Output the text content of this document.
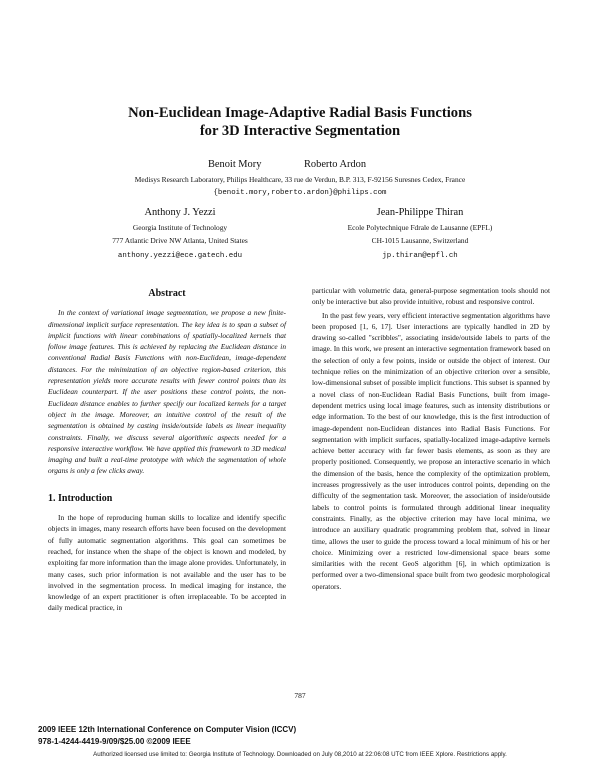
Non-Euclidean Image-Adaptive Radial Basis Functions
for 3D Interactive Segmentation
Benoit Mory	Roberto Ardon
Medisys Research Laboratory, Philips Healthcare, 33 rue de Verdun, B.P. 313, F-92156 Suresnes Cedex, France
{benoit.mory,roberto.ardon}@philips.com
Anthony J. Yezzi
Georgia Institute of Technology
777 Atlantic Drive NW Atlanta, United States
anthony.yezzi@ece.gatech.edu
Jean-Philippe Thiran
Ecole Polytechnique Fdrale de Lausanne (EPFL)
CH-1015 Lausanne, Switzerland
jp.thiran@epfl.ch
Abstract

In the context of variational image segmentation, we propose a new finite-dimensional implicit surface representation. The key idea is to span a subset of implicit functions with linear combinations of spatially-localized kernels that follow image features. This is achieved by replacing the Euclidean distance in conventional Radial Basis Functions with non-Euclidean, image-dependent distances. For the minimization of an objective region-based criterion, this representation yields more accurate results with fewer control points than its Euclidean counterpart. If the user positions these control points, the non-Euclidean distance enables to further specify our localized kernels for a target object in the image. Moreover, an intuitive control of the result of the segmentation is obtained by casting inside/outside labels as linear inequality constraints. Finally, we discuss several algorithmic aspects needed for a responsive interactive workflow. We have applied this framework to 3D medical imaging and built a real-time prototype with which the segmentation of whole organs is only a few clicks away.

1. Introduction

In the hope of reproducing human skills to localize and identify specific objects in images, many research efforts have been focused on the development of fully automatic segmentation algorithms. This goal can sometimes be reached, for instance when the shape of the object is known and modeled, by exploiting far more information than the image alone provides. Unfortunately, in many cases, such prior information is not available and the user has to be involved in the segmentation process. In medical imaging for instance, the knowledge of an expert practitioner is often irreplaceable. To be accepted in daily medical practice, in

particular with volumetric data, general-purpose segmentation tools should not only be interactive but also provide intuitive, robust and responsive control.

In the past few years, very efficient interactive segmentation algorithms have been proposed [1, 6, 17]. User interactions are typically handled in 2D by drawing so-called "scribbles", associating inside/outside labels to parts of the image. In this work, we present an interactive segmentation framework based on the selection of only a few points, inside or outside the object of interest. Our technique relies on the minimization of an objective criterion over a sensible, low-dimensional subset of possible implicit functions. This subset is spanned by a novel class of non-Euclidean Radial Basis Functions, built from image-dependent metrics using local image features, such as intensity distributions or edge information. To the best of our knowledge, this is the first introduction of image-dependent non-Euclidean distances into Radial Basis Functions. For segmentation with implicit surfaces, spatially-localized image-adaptive kernels achieve better accuracy with far fewer basis elements, as soon as they are properly positioned. Consequently, we propose an interactive scenario in which the dimension of the basis, hence the complexity of the optimization problem, increases progressively as the user introduces control points, depending on the difficulty of the segmentation task. Moreover, the association of inside/outside labels to control points is formulated through additional linear inequality constraints. Finally, as the objective criterion may have local minima, we introduce an auxiliary quadratic programming problem that, solved in linear time, allows the user to guide the process toward a local minimum of his or her choice. Minimizing over a restricted low-dimensional space bears some similarities with the recent GeoS algorithm [6], in which optimization is performed over a two-dimensional space built from two geodesic morphological operators.

787
2009 IEEE 12th International Conference on Computer Vision (ICCV)
978-1-4244-4419-9/09/$25.00 ©2009 IEEE
Authorized licensed use limited to: Georgia Institute of Technology. Downloaded on July 08,2010 at 22:06:08 UTC from IEEE Xplore. Restrictions apply.
